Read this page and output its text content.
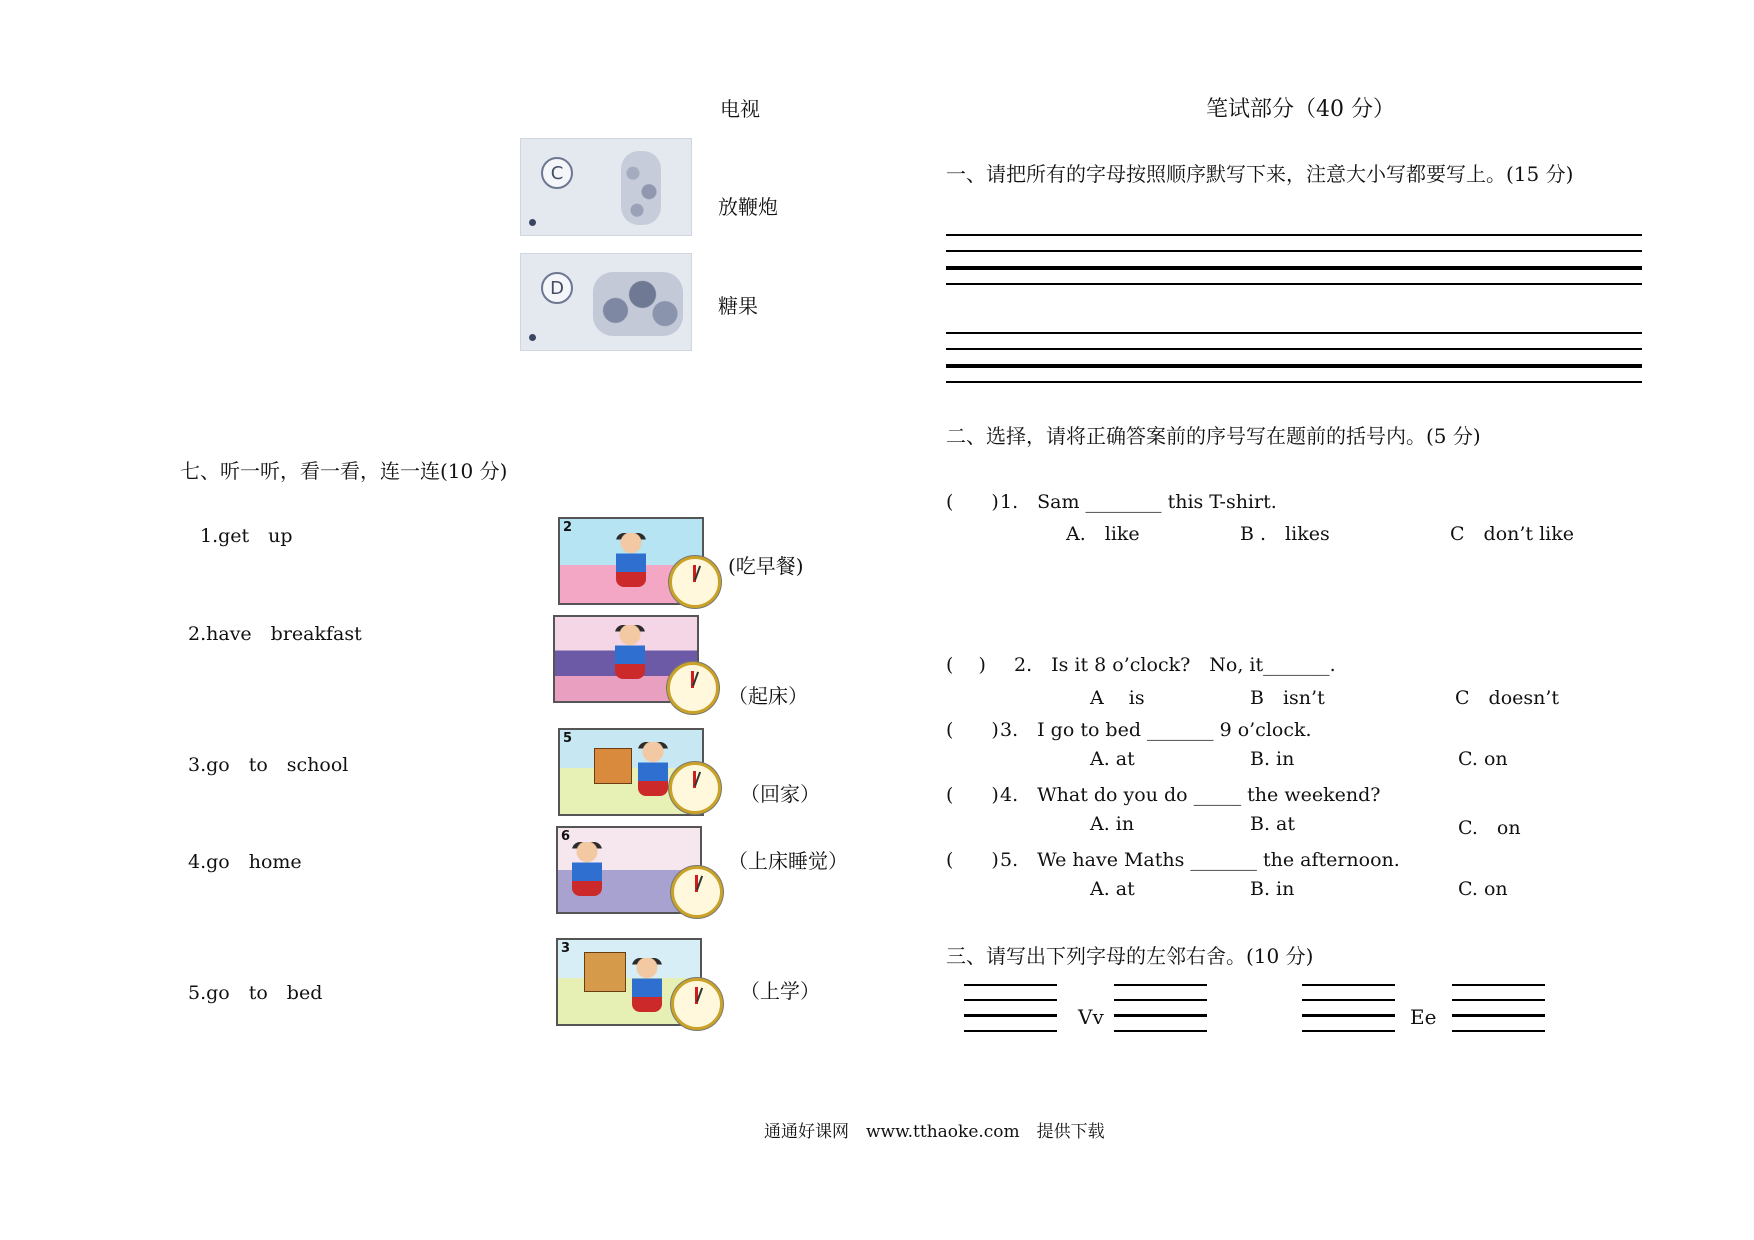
电视
C
放鞭炮
D
糖果
七、听一听，看一看，连一连(10 分)
1.get　up
2.have　breakfast
3.go　to　school
4.go　home
5.go　to　bed
2
(吃早餐)
（起床）
5
（回家）
6
（上床睡觉）
3
（上学）
笔试部分（40 分）
一、请把所有的字母按照顺序默写下来，注意大小写都要写上。(15 分)
二、选择，请将正确答案前的序号写在题前的括号内。(5 分)
(　　) 1.　Sam ________ this T-shirt.
A.　like	B .　likes	C　don’t like
(　 ) 2.　Is it 8 o’clock?　No, it_______.
A　 is	B　isn’t	C　doesn’t
(　　) 3.　I go to bed _______ 9 o’clock.
A. at	B. in	C. on
(　　) 4.　What do you do _____ the weekend?
A. in	B. at	C.　on
(　　) 5.　We have Maths _______ the afternoon.
A. at	B. in	C. on
三、请写出下列字母的左邻右舍。(10 分)
Vv	Ee
通通好课网　www.tthaoke.com　提供下载
